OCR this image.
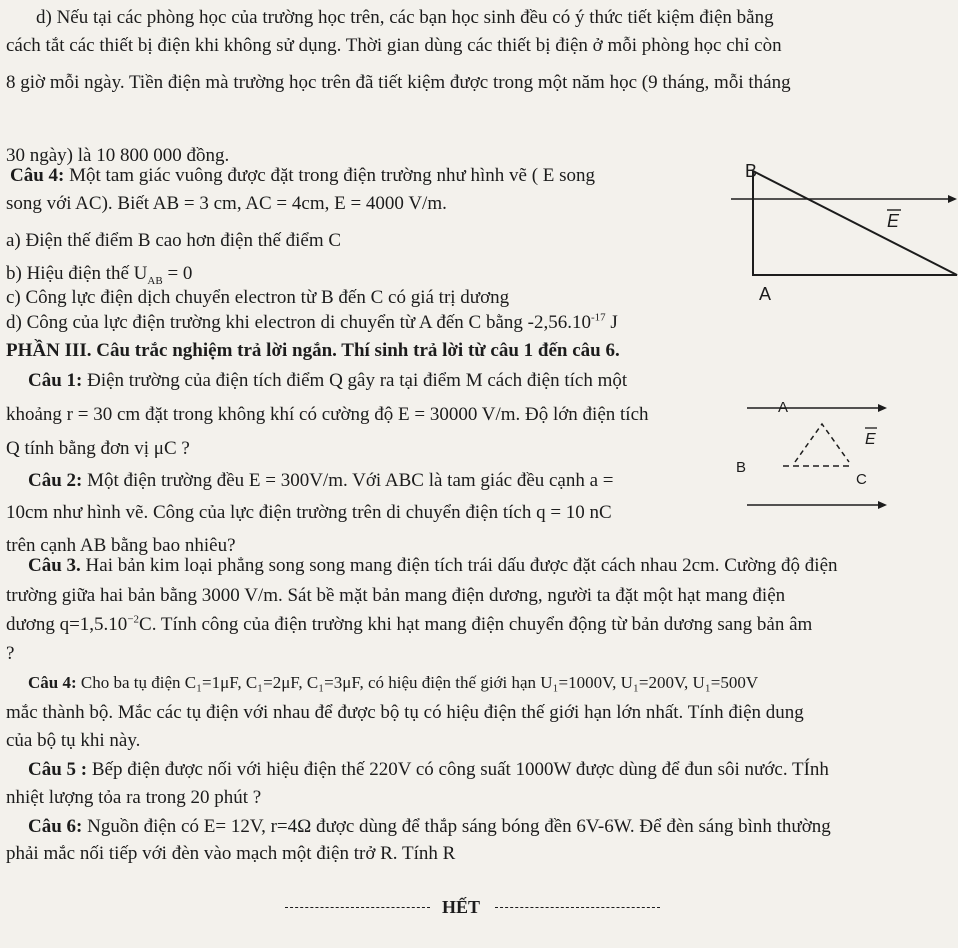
d) Nếu tại các phòng học của trường học trên, các bạn học sinh đều có ý thức tiết kiệm điện bằng
cách tắt các thiết bị điện khi không sử dụng. Thời gian dùng các thiết bị điện ở mỗi phòng học chỉ còn
8 giờ mỗi ngày. Tiền điện mà trường học trên đã tiết kiệm được trong một năm học (9 tháng, mỗi tháng
30 ngày) là 10 800 000 đồng.
Câu 4: Một tam giác vuông được đặt trong điện trường như hình vẽ ( E song
song với AC). Biết AB = 3 cm, AC = 4cm, E = 4000 V/m.
a) Điện thế điểm B cao hơn điện thế điểm C
b) Hiệu điện thế $U_{AB} = 0$
c) Công lực điện dịch chuyển electron từ B đến C có giá trị dương
d) Công của lực điện trường khi electron di chuyển từ A đến C bằng $-2,56.10^{-17}$ J
B
A
E
PHẦN III. Câu trắc nghiệm trả lời ngắn. Thí sinh trả lời từ câu 1 đến câu 6.
Câu 1: Điện trường của điện tích điểm Q gây ra tại điểm M cách điện tích một
khoảng r = 30 cm đặt trong không khí có cường độ E = 30000 V/m. Độ lớn điện tích
Q tính bằng đơn vị μC ?
Câu 2: Một điện trường đều E = 300V/m. Với ABC là tam giác đều cạnh a =
10cm như hình vẽ. Công của lực điện trường trên di chuyển điện tích q = 10 nC
trên cạnh AB bằng bao nhiêu?
A
B
C
E
Câu 3. Hai bản kim loại phẳng song song mang điện tích trái dấu được đặt cách nhau 2cm. Cường độ điện
trường giữa hai bản bằng 3000 V/m. Sát bề mặt bản mang điện dương, người ta đặt một hạt mang điện
dương $q=1,5.10^{-2}C$. Tính công của điện trường khi hạt mang điện chuyển động từ bản dương sang bản âm
?
Câu 4: Cho ba tụ điện C₁=1μF, C₁=2μF, C₁=3μF, có hiệu điện thế giới hạn U₁=1000V, U₁=200V, U₁=500V
mắc thành bộ. Mắc các tụ điện với nhau để được bộ tụ có hiệu điện thế giới hạn lớn nhất. Tính điện dung
của bộ tụ khi này.
Câu 5 : Bếp điện được nối với hiệu điện thế 220V có công suất 1000W được dùng để đun sôi nước. TÍnh
nhiệt lượng tỏa ra trong 20 phút ?
Câu 6: Nguồn điện có E= 12V, r=4Ω được dùng để thắp sáng bóng đền 6V-6W. Để đèn sáng bình thường
phải mắc nối tiếp với đèn vào mạch một điện trở R. Tính R
HẾT
